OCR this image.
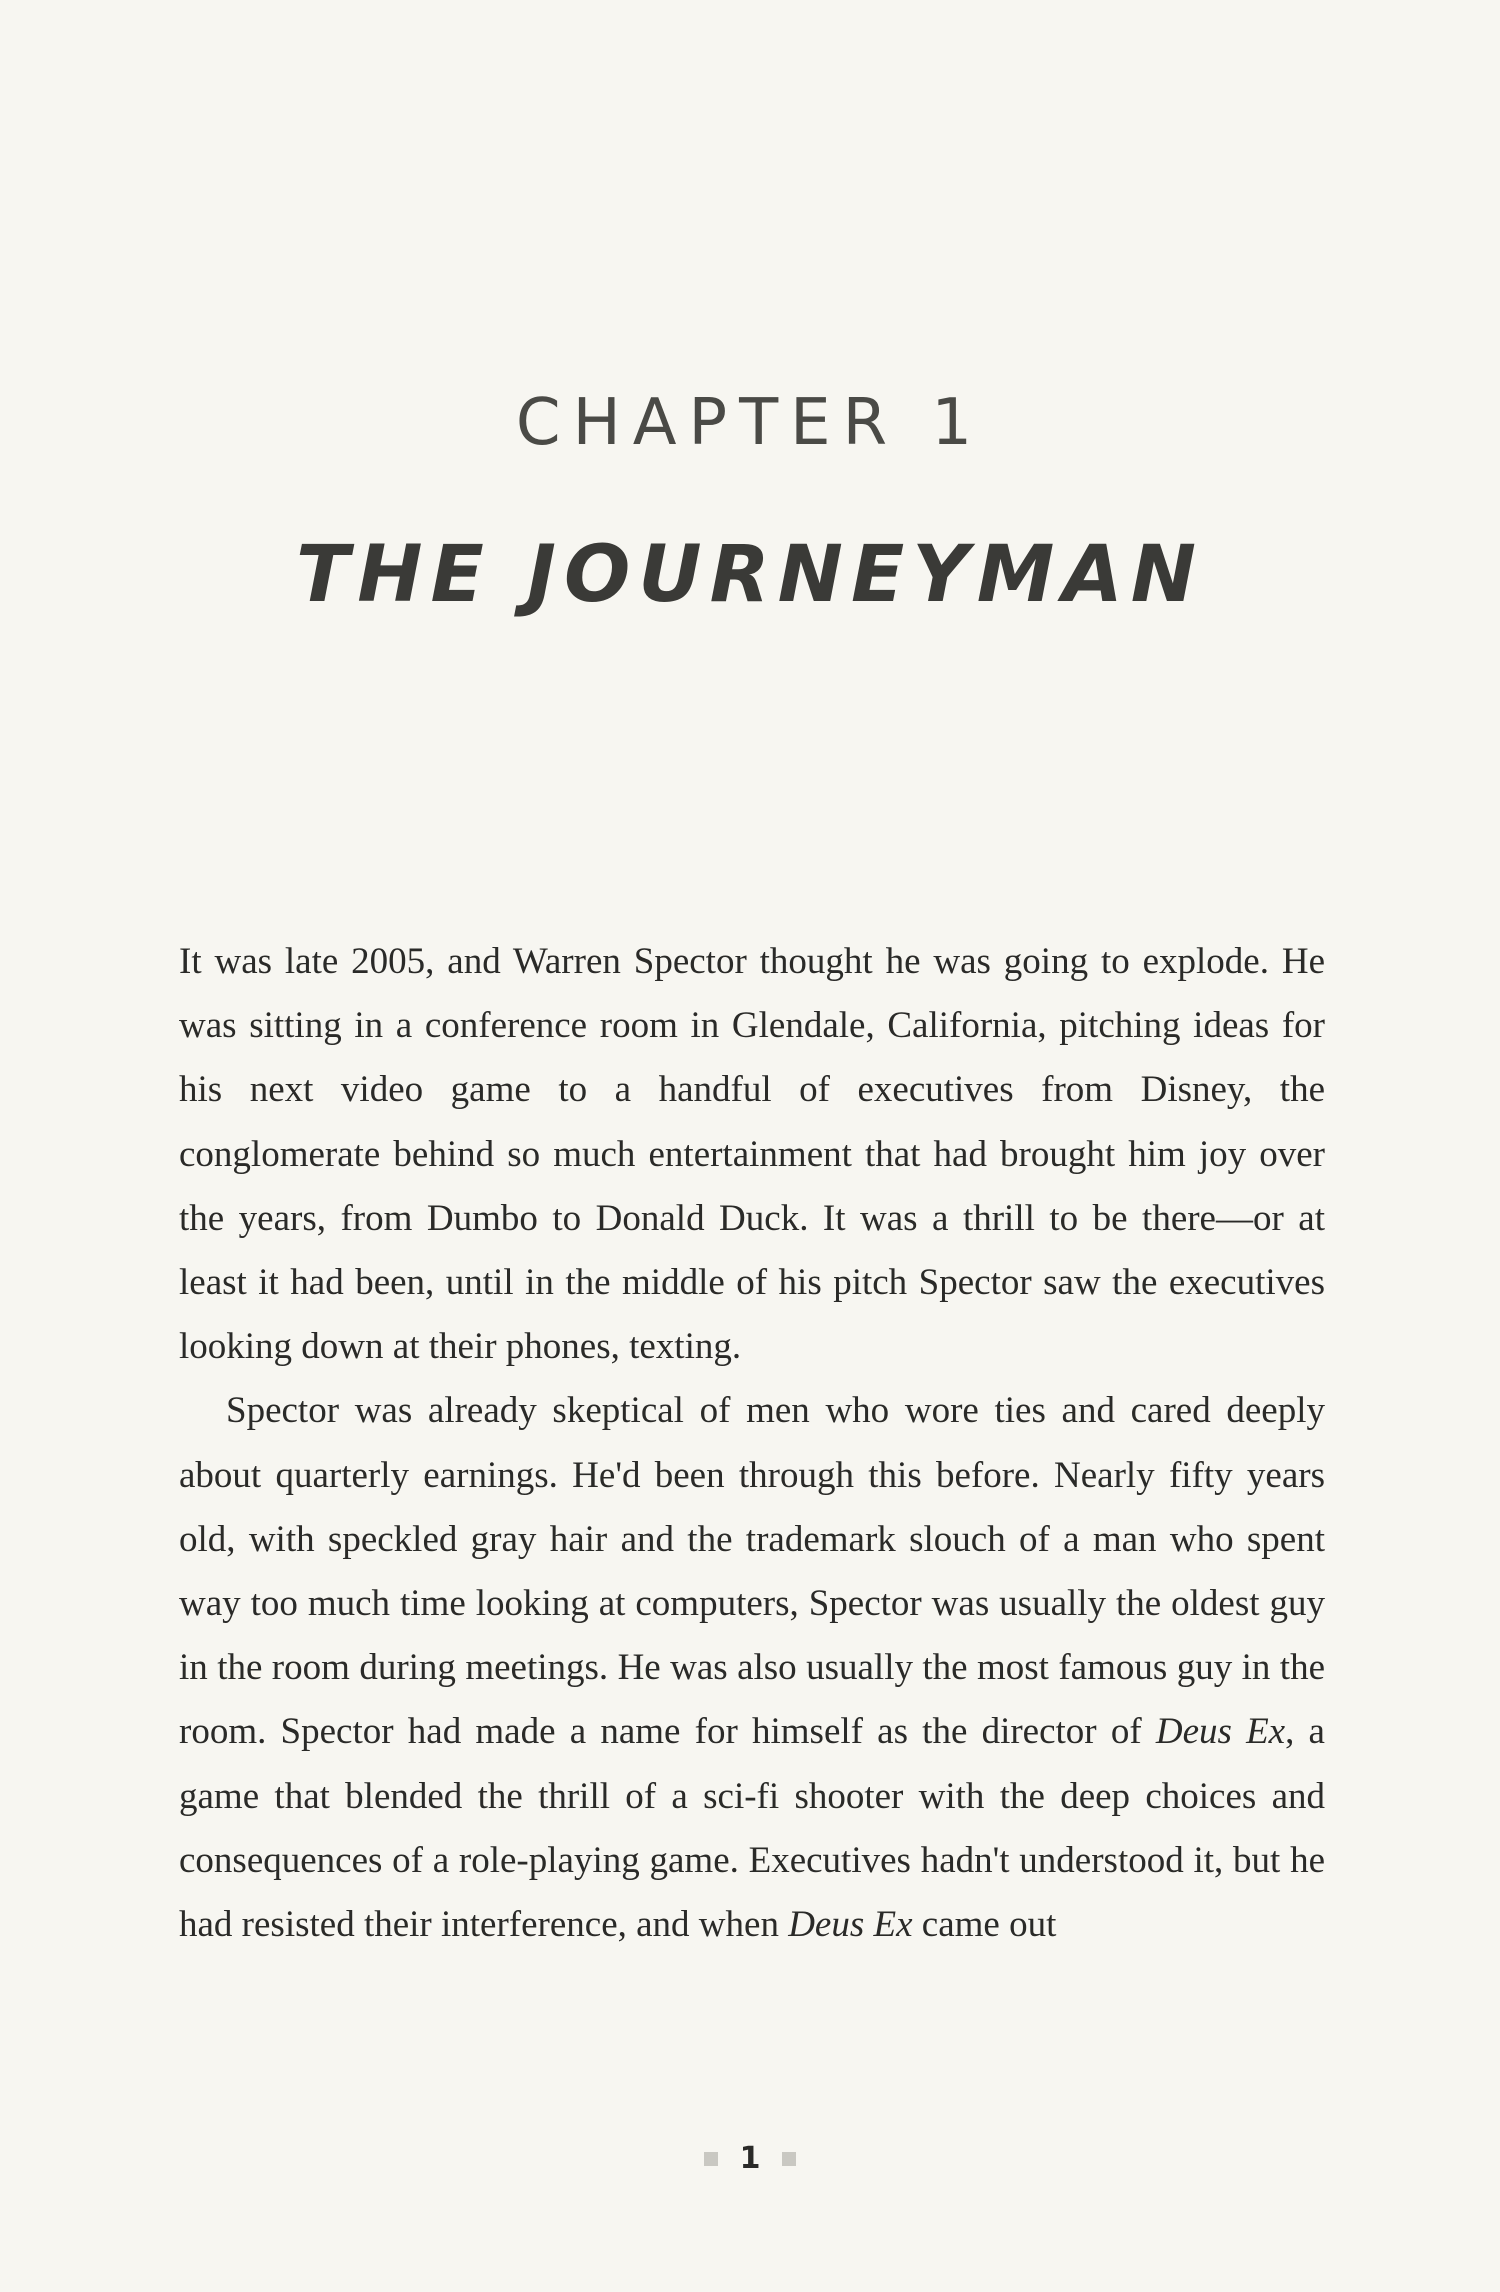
CHAPTER 1
THE JOURNEYMAN

It was late 2005, and Warren Spector thought he was going to explode. He was sitting in a conference room in Glendale, California, pitching ideas for his next video game to a handful of executives from Disney, the conglomerate behind so much entertainment that had brought him joy over the years, from Dumbo to Donald Duck. It was a thrill to be there—or at least it had been, until in the middle of his pitch Spector saw the executives looking down at their phones, texting.

Spector was already skeptical of men who wore ties and cared deeply about quarterly earnings. He'd been through this before. Nearly fifty years old, with speckled gray hair and the trademark slouch of a man who spent way too much time looking at computers, Spector was usually the oldest guy in the room during meetings. He was also usually the most famous guy in the room. Spector had made a name for himself as the director of Deus Ex, a game that blended the thrill of a sci-fi shooter with the deep choices and consequences of a role-playing game. Executives hadn't understood it, but he had resisted their interference, and when Deus Ex came out

1
